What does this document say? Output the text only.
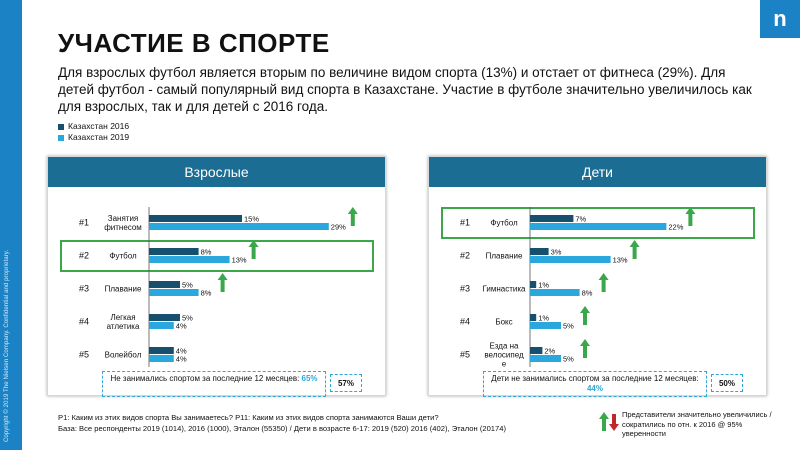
Copyright © 2019 The Nielsen Company. Confidential and proprietary.
n
УЧАСТИЕ В СПОРТЕ
Для взрослых футбол является вторым по величине видом спорта (13%) и отстает от фитнеса (29%). Для детей футбол - самый популярный вид спорта в Казахстане. Участие в футболе значительно увеличилось как для взрослых, так и для детей с 2016 года.
Казахстан 2016
Казахстан 2019
Взрослые
#1 Занятия
фитнесом
15%
29%
#2	Футбол	8%
13%
#3 Плавание	5%
8%
#4	Легкая
атлетика
5%
4%
#5 Волейбол	4%
4%
Не занимались спортом за последние 12 месяцев: 65%
57%
Дети
#1	Футбол	7%
22%
#2 Плавание	3%
13%
#3 Гимнастика 1%
8%
#4	Бокс	1%
5%
#5
Езда на
велосипед
е
2%
5%
Дети не занимались спортом за последние 12 месяцев: 44%
50%
P1: Каким из этих видов спорта Вы занимаетесь? P11: Каким из этих видов спорта занимаются Ваши дети?
База: Все респонденты 2019 (1014), 2016 (1000), Эталон (55350) / Дети в возрасте 6-17: 2019 (520) 2016 (402), Эталон (20174)
Представители значительно увеличились / сократились по отн. к 2016 @ 95% уверенности
